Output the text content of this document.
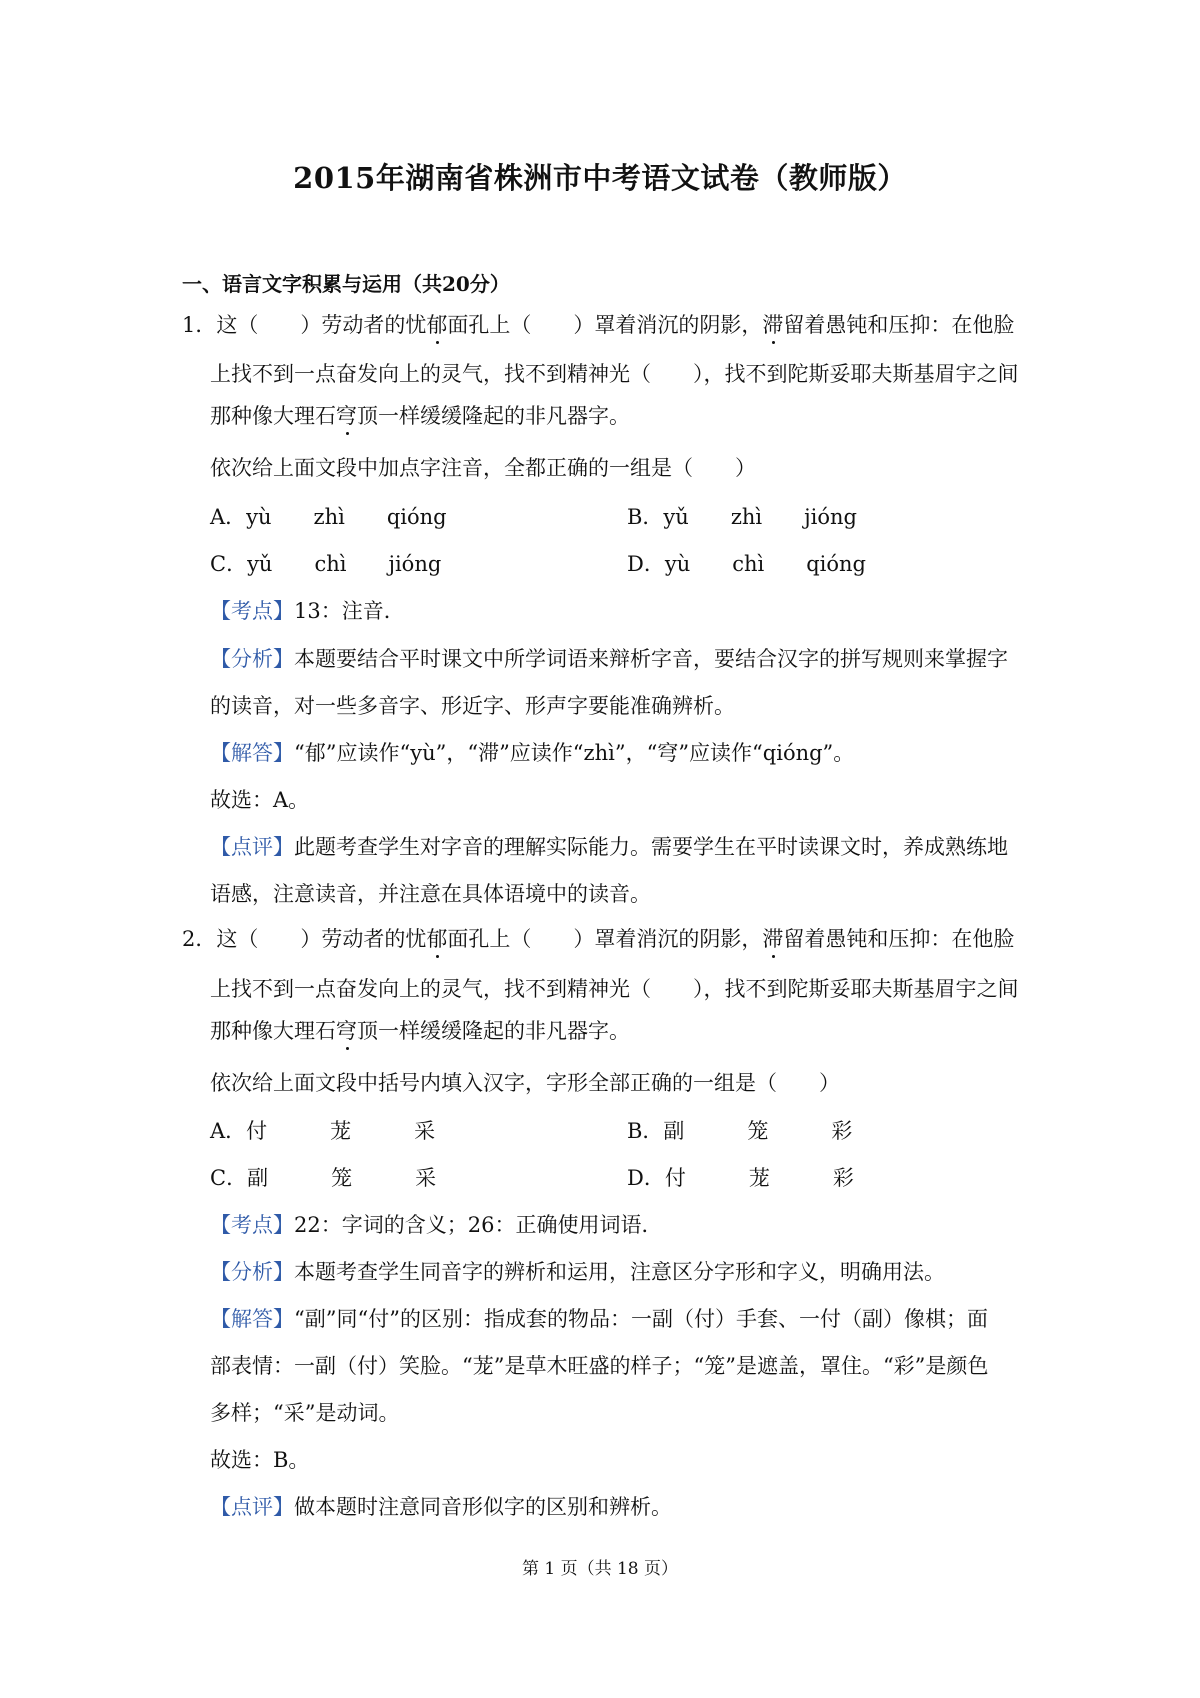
2015年湖南省株洲市中考语文试卷（教师版）
一、语言文字积累与运用（共20分）
1．这（　　）劳动者的忧郁面孔上（　　）罩着消沉的阴影，滞留着愚钝和压抑：在他脸
上找不到一点奋发向上的灵气，找不到精神光（　　），找不到陀斯妥耶夫斯基眉宇之间
那种像大理石穹顶一样缓缓隆起的非凡器字。
依次给上面文段中加点字注音，全都正确的一组是（　　）
A．yù　　zhì　　qióng	B．yǔ　　zhì　　jióng
C．yǔ　　chì　　jióng	D．yù　　chì　　qióng
【考点】13：注音．
【分析】本题要结合平时课文中所学词语来辩析字音，要结合汉字的拼写规则来掌握字
的读音，对一些多音字、形近字、形声字要能准确辨析。
【解答】“郁”应读作“yù”，“滞”应读作“zhì”，“穹”应读作“qióng”。
故选：A。
【点评】此题考查学生对字音的理解实际能力。需要学生在平时读课文时，养成熟练地
语感，注意读音，并注意在具体语境中的读音。
2．这（　　）劳动者的忧郁面孔上（　　）罩着消沉的阴影，滞留着愚钝和压抑：在他脸
上找不到一点奋发向上的灵气，找不到精神光（　　），找不到陀斯妥耶夫斯基眉宇之间
那种像大理石穹顶一样缓缓隆起的非凡器字。
依次给上面文段中括号内填入汉字，字形全部正确的一组是（　　）
A．付　　　茏　　　采	B．副　　　笼　　　彩
C．副　　　笼　　　采	D．付　　　茏　　　彩
【考点】22：字词的含义；26：正确使用词语．
【分析】本题考查学生同音字的辨析和运用，注意区分字形和字义，明确用法。
【解答】“副”同“付”的区别：指成套的物品：一副（付）手套、一付（副）像棋；面
部表情：一副（付）笑脸。“茏”是草木旺盛的样子；“笼”是遮盖，罩住。“彩”是颜色
多样；“采”是动词。
故选：B。
【点评】做本题时注意同音形似字的区别和辨析。
第 1 页（共 18 页）
